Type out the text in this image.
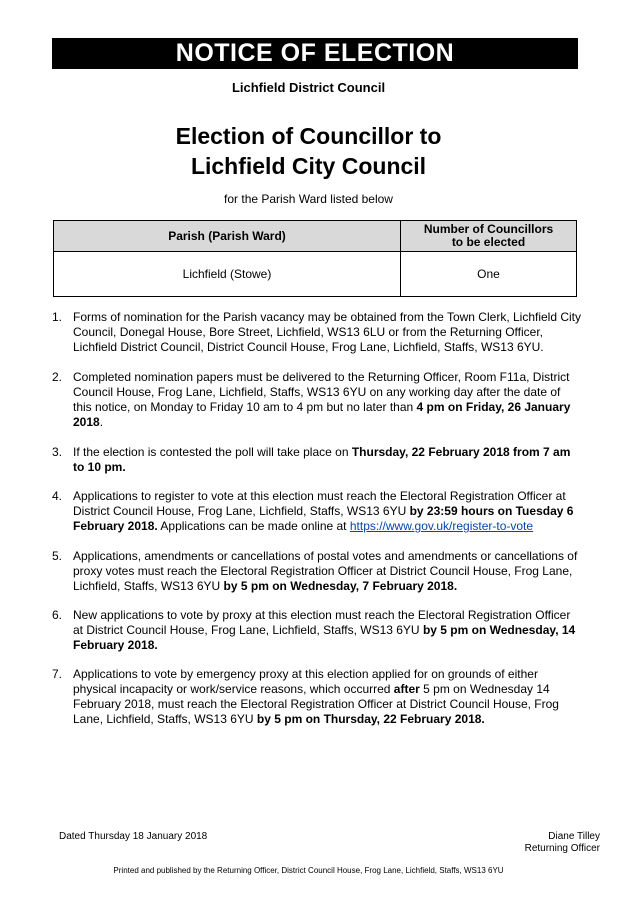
NOTICE OF ELECTION
Lichfield District Council
Election of Councillor to
Lichfield City Council
for the Parish Ward listed below
Parish (Parish Ward)	Number of Councillors
to be elected

Lichfield (Stowe)	One
1. Forms of nomination for the Parish vacancy may be obtained from the Town Clerk, Lichfield City Council, Donegal House, Bore Street, Lichfield, WS13 6LU or from the Returning Officer, Lichfield District Council, District Council House, Frog Lane, Lichfield, Staffs, WS13 6YU.
2. Completed nomination papers must be delivered to the Returning Officer, Room F11a, District Council House, Frog Lane, Lichfield, Staffs, WS13 6YU on any working day after the date of this notice, on Monday to Friday 10 am to 4 pm but no later than 4 pm on Friday, 26 January 2018.
3. If the election is contested the poll will take place on Thursday, 22 February 2018 from 7 am to 10 pm.
4. Applications to register to vote at this election must reach the Electoral Registration Officer at District Council House, Frog Lane, Lichfield, Staffs, WS13 6YU by 23:59 hours on Tuesday 6 February 2018. Applications can be made online at https://www.gov.uk/register-to-vote
5. Applications, amendments or cancellations of postal votes and amendments or cancellations of proxy votes must reach the Electoral Registration Officer at District Council House, Frog Lane, Lichfield, Staffs, WS13 6YU by 5 pm on Wednesday, 7 February 2018.
6. New applications to vote by proxy at this election must reach the Electoral Registration Officer at District Council House, Frog Lane, Lichfield, Staffs, WS13 6YU by 5 pm on Wednesday, 14 February 2018.
7. Applications to vote by emergency proxy at this election applied for on grounds of either physical incapacity or work/service reasons, which occurred after 5 pm on Wednesday 14 February 2018, must reach the Electoral Registration Officer at District Council House, Frog Lane, Lichfield, Staffs, WS13 6YU by 5 pm on Thursday, 22 February 2018.
Dated Thursday 18 January 2018	Diane Tilley
Returning Officer
Printed and published by the Returning Officer, District Council House, Frog Lane, Lichfield, Staffs, WS13 6YU
